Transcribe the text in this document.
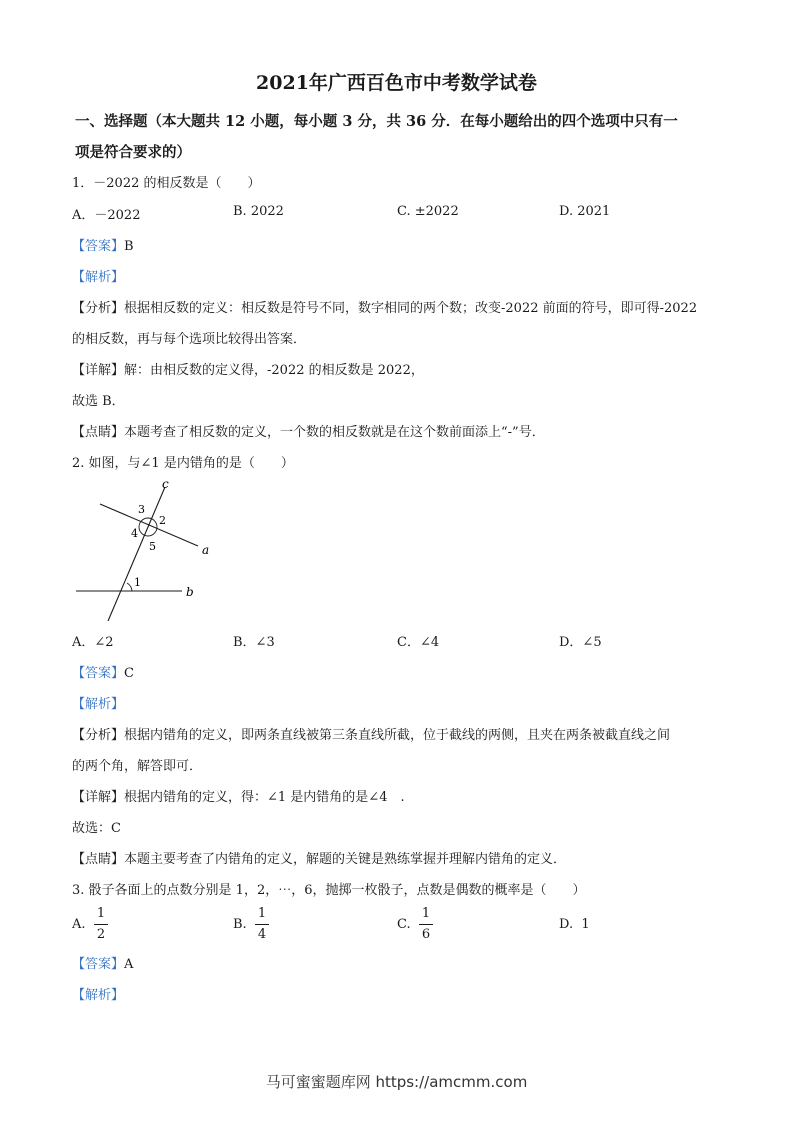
2021年广西百色市中考数学试卷
一、选择题（本大题共 12 小题，每小题 3 分，共 36 分．在每小题给出的四个选项中只有一
项是符合要求的）
1．－2022 的相反数是（　　）
A．－2022	B. 2022	C. ±2022	D. 2021
【答案】B
【解析】
【分析】根据相反数的定义：相反数是符号不同，数字相同的两个数；改变-2022 前面的符号，即可得-2022
的相反数，再与每个选项比较得出答案．
【详解】解：由相反数的定义得，-2022 的相反数是 2022，
故选 B．
【点睛】本题考查了相反数的定义，一个数的相反数就是在这个数前面添上“-”号．
2. 如图，与∠1 是内错角的是（　　）
c
a
b
3
2
4
5
1
A．∠2	B．∠3	C．∠4	D．∠5
【答案】C
【解析】
【分析】根据内错角的定义，即两条直线被第三条直线所截，位于截线的两侧，且夹在两条被截直线之间
的两个角，解答即可．
【详解】根据内错角的定义，得：∠1 是内错角的是∠4　.
故选：C
【点睛】本题主要考查了内错角的定义，解题的关键是熟练掌握并理解内错角的定义．
3. 骰子各面上的点数分别是 1，2，⋯，6，抛掷一枚骰子，点数是偶数的概率是（　　）
A.
1
2
B.
1
4
C.
1
6
D. 1
【答案】A
【解析】
马可蜜蜜题库网 https://amcmm.com
